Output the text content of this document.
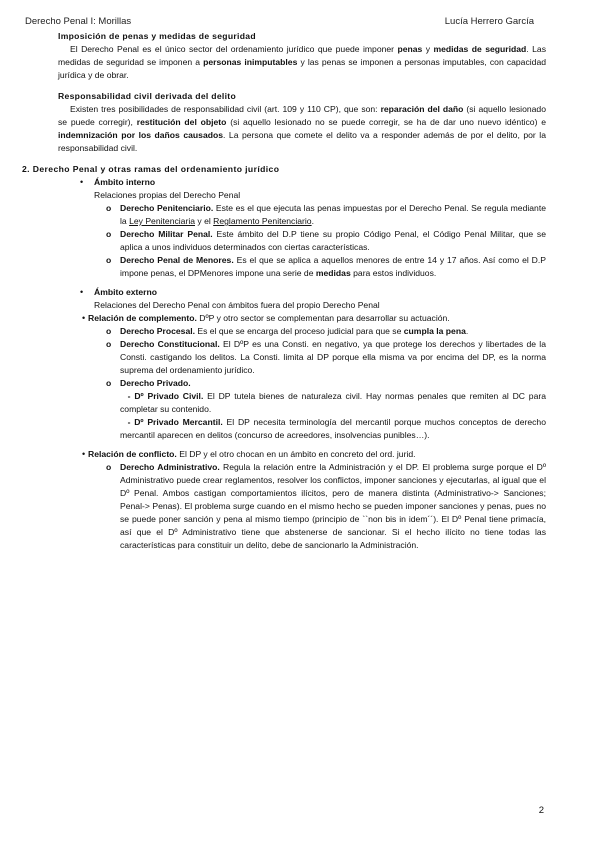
Derecho Penal I: Morillas	Lucía Herrero García

Imposición de penas y medidas de seguridad

El Derecho Penal es el único sector del ordenamiento jurídico que puede imponer penas y medidas de seguridad. Las medidas de seguridad se imponen a personas inimputables y las penas se imponen a personas imputables, con capacidad jurídica y de obrar.

Responsabilidad civil derivada del delito

Existen tres posibilidades de responsabilidad civil (art. 109 y 110 CP), que son: reparación del daño (si aquello lesionado se puede corregir), restitución del objeto (si aquello lesionado no se puede corregir, se ha de dar uno nuevo idéntico) e indemnización por los daños causados. La persona que comete el delito va a responder además de por el delito, por la responsabilidad civil.

2. Derecho Penal y otras ramas del ordenamiento jurídico
• Ámbito interno
Relaciones propias del Derecho Penal
o Derecho Penitenciario. Este es el que ejecuta las penas impuestas por el Derecho Penal. Se regula mediante la Ley Penitenciaria y el Reglamento Penitenciario.
o Derecho Militar Penal. Este ámbito del D.P tiene su propio Código Penal, el Código Penal Militar, que se aplica a unos individuos determinados con ciertas características.
o Derecho Penal de Menores. Es el que se aplica a aquellos menores de entre 14 y 17 años. Así como el D.P impone penas, el DPMenores impone una serie de medidas para estos individuos.
• Ámbito externo
Relaciones del Derecho Penal con ámbitos fuera del propio Derecho Penal
• Relación de complemento. DºP y otro sector se complementan para desarrollar su actuación.
o Derecho Procesal. Es el que se encarga del proceso judicial para que se cumpla la pena.
o Derecho Constitucional. El DºP es una Consti. en negativo, ya que protege los derechos y libertades de la Consti. castigando los delitos. La Consti. limita al DP porque ella misma va por encima del DP, es la norma suprema del ordenamiento jurídico.
o Derecho Privado.
- Dº Privado Civil. El DP tutela bienes de naturaleza civil. Hay normas penales que remiten al DC para completar su contenido.
- Dº Privado Mercantil. El DP necesita terminología del mercantil porque muchos conceptos de derecho mercantil aparecen en delitos (concurso de acreedores, insolvencias punibles…).
• Relación de conflicto. El DP y el otro chocan en un ámbito en concreto del ord. jurid.
o Derecho Administrativo. Regula la relación entre la Administración y el DP. El problema surge porque el Dº Administrativo puede crear reglamentos, resolver los conflictos, imponer sanciones y ejecutarlas, al igual que el Dº Penal. Ambos castigan comportamientos ilícitos, pero de manera distinta (Administrativo-> Sanciones; Penal-> Penas). El problema surge cuando en el mismo hecho se pueden imponer sanciones y penas, pues no se puede poner sanción y pena al mismo tiempo (principio de ``non bis in idem´´). El Dº Penal tiene primacía, así que el Dº Administrativo tiene que abstenerse de sancionar. Si el hecho ilícito no tiene todas las características para constituir un delito, debe de sancionarlo la Administración.
2
